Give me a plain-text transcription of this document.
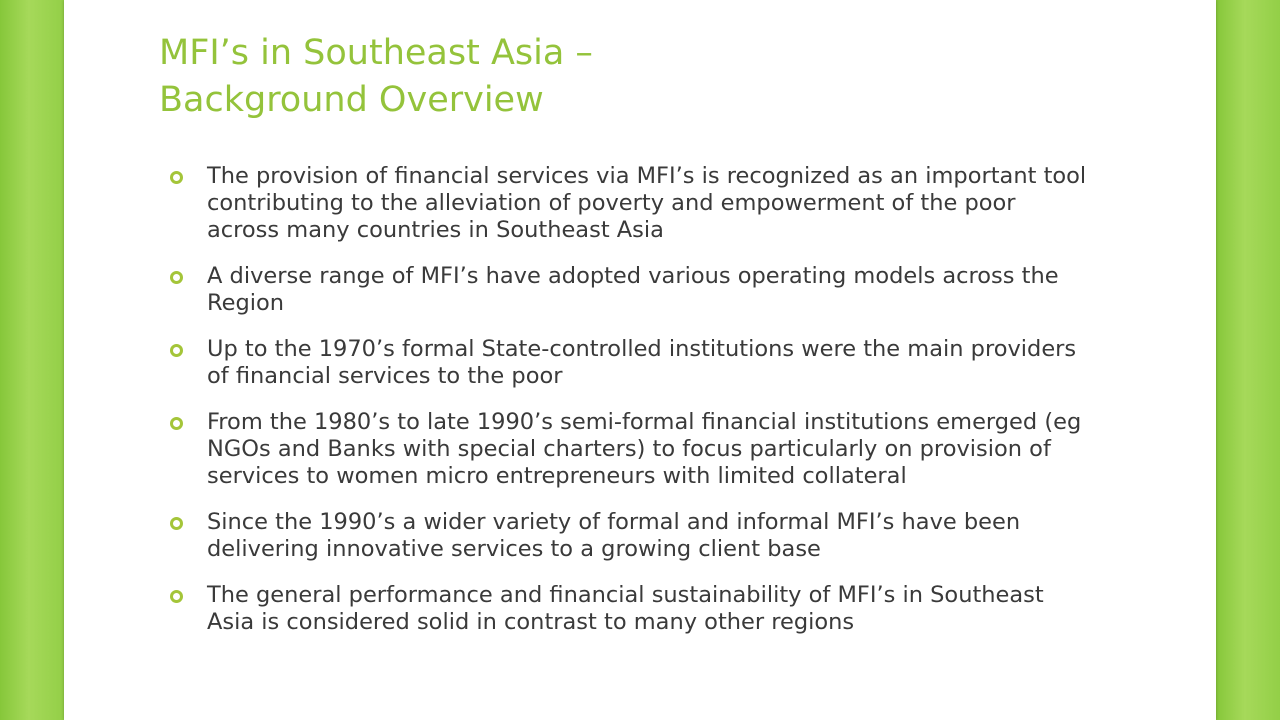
MFI’s in Southeast Asia –
Background Overview
The provision of financial services via MFI’s is recognized as an important tool contributing to the alleviation of poverty and empowerment of the poor across many countries in Southeast Asia
A diverse range of MFI’s have adopted various operating models across the Region
Up to the 1970’s formal State-controlled institutions were the main providers of financial services to the poor
From the 1980’s to late 1990’s semi-formal financial institutions emerged (eg NGOs and Banks with special charters) to focus particularly on provision of services to women micro entrepreneurs with limited collateral
Since the 1990’s a wider variety of formal and informal MFI’s have been delivering innovative services to a growing client base
The general performance and financial sustainability of MFI’s in Southeast Asia is considered solid in contrast to many other regions
